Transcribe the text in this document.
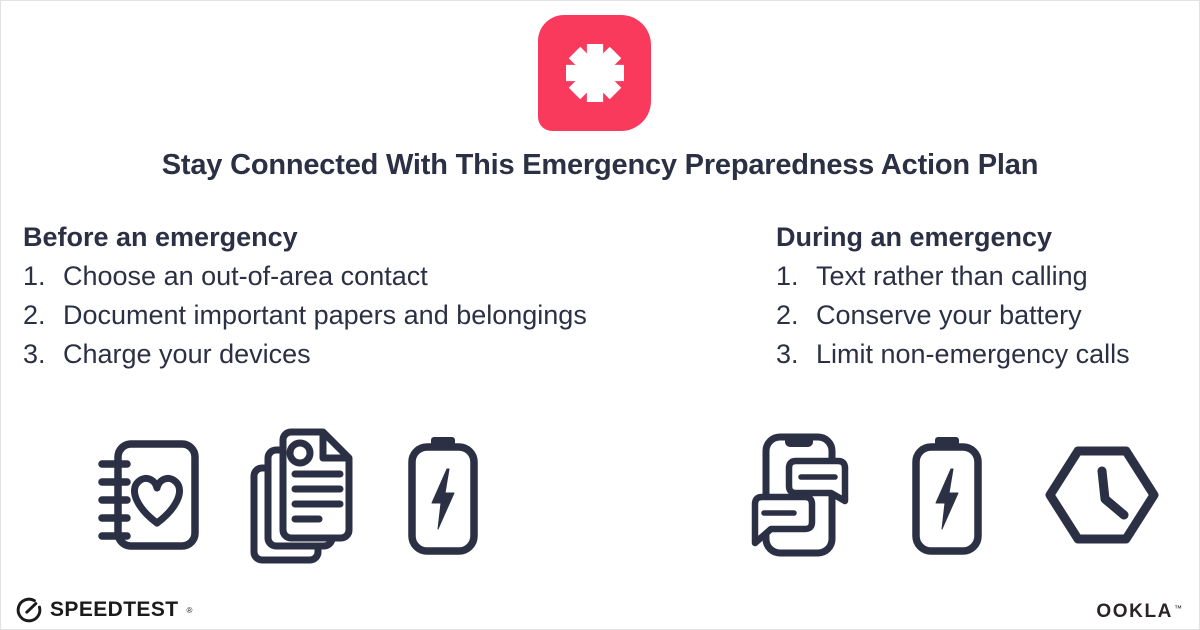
Stay Connected With This Emergency Preparedness Action Plan
Before an emergency
Choose an out-of-area contact
Document important papers and belongings
Charge your devices
During an emergency
Text rather than calling
Conserve your battery
Limit non-emergency calls
SPEEDTEST ®	OOKLA™
